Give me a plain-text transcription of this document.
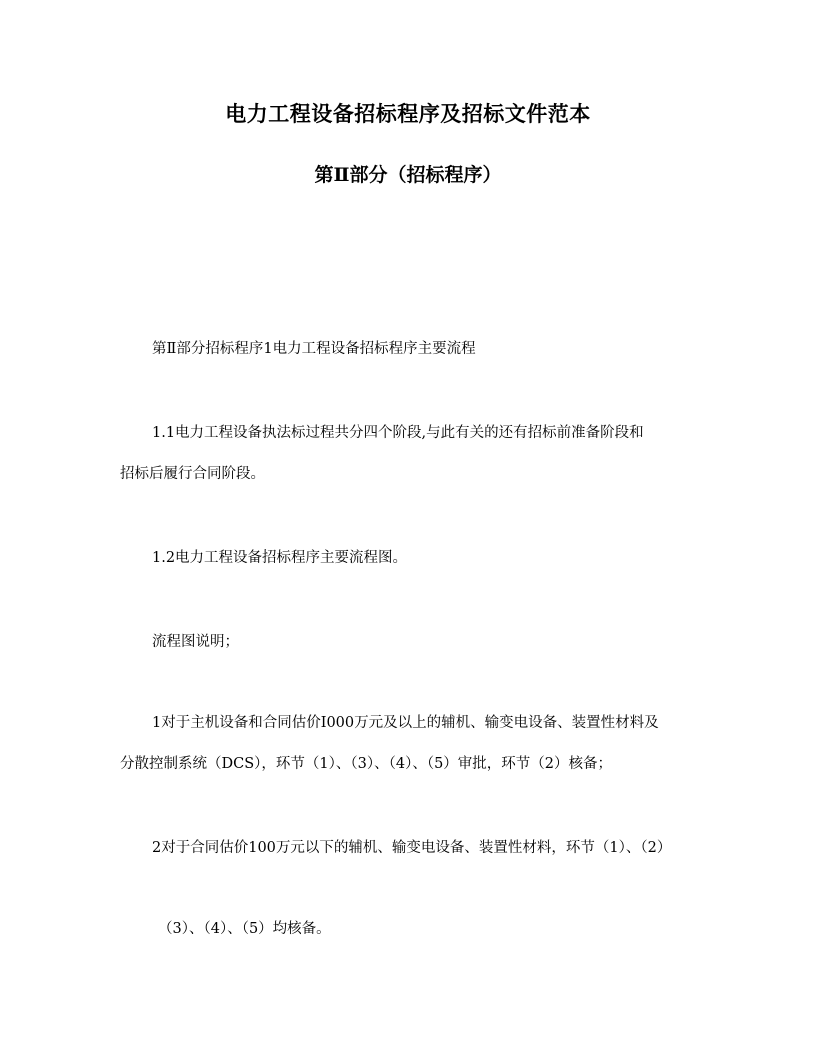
电力工程设备招标程序及招标文件范本
第Ⅱ部分（招标程序）

第Ⅱ部分招标程序1电力工程设备招标程序主要流程

1.1电力工程设备执法标过程共分四个阶段,与此有关的还有招标前准备阶段和

招标后履行合同阶段。

1.2电力工程设备招标程序主要流程图。

流程图说明；

1对于主机设备和合同估价I000万元及以上的辅机、输变电设备、装置性材料及

分散控制系统（DCS），环节（1）、（3）、（4）、（5）审批，环节（2）核备；

2对于合同估价100万元以下的辅机、输变电设备、装置性材料，环节（1）、（2）

（3）、（4）、（5）均核备。
